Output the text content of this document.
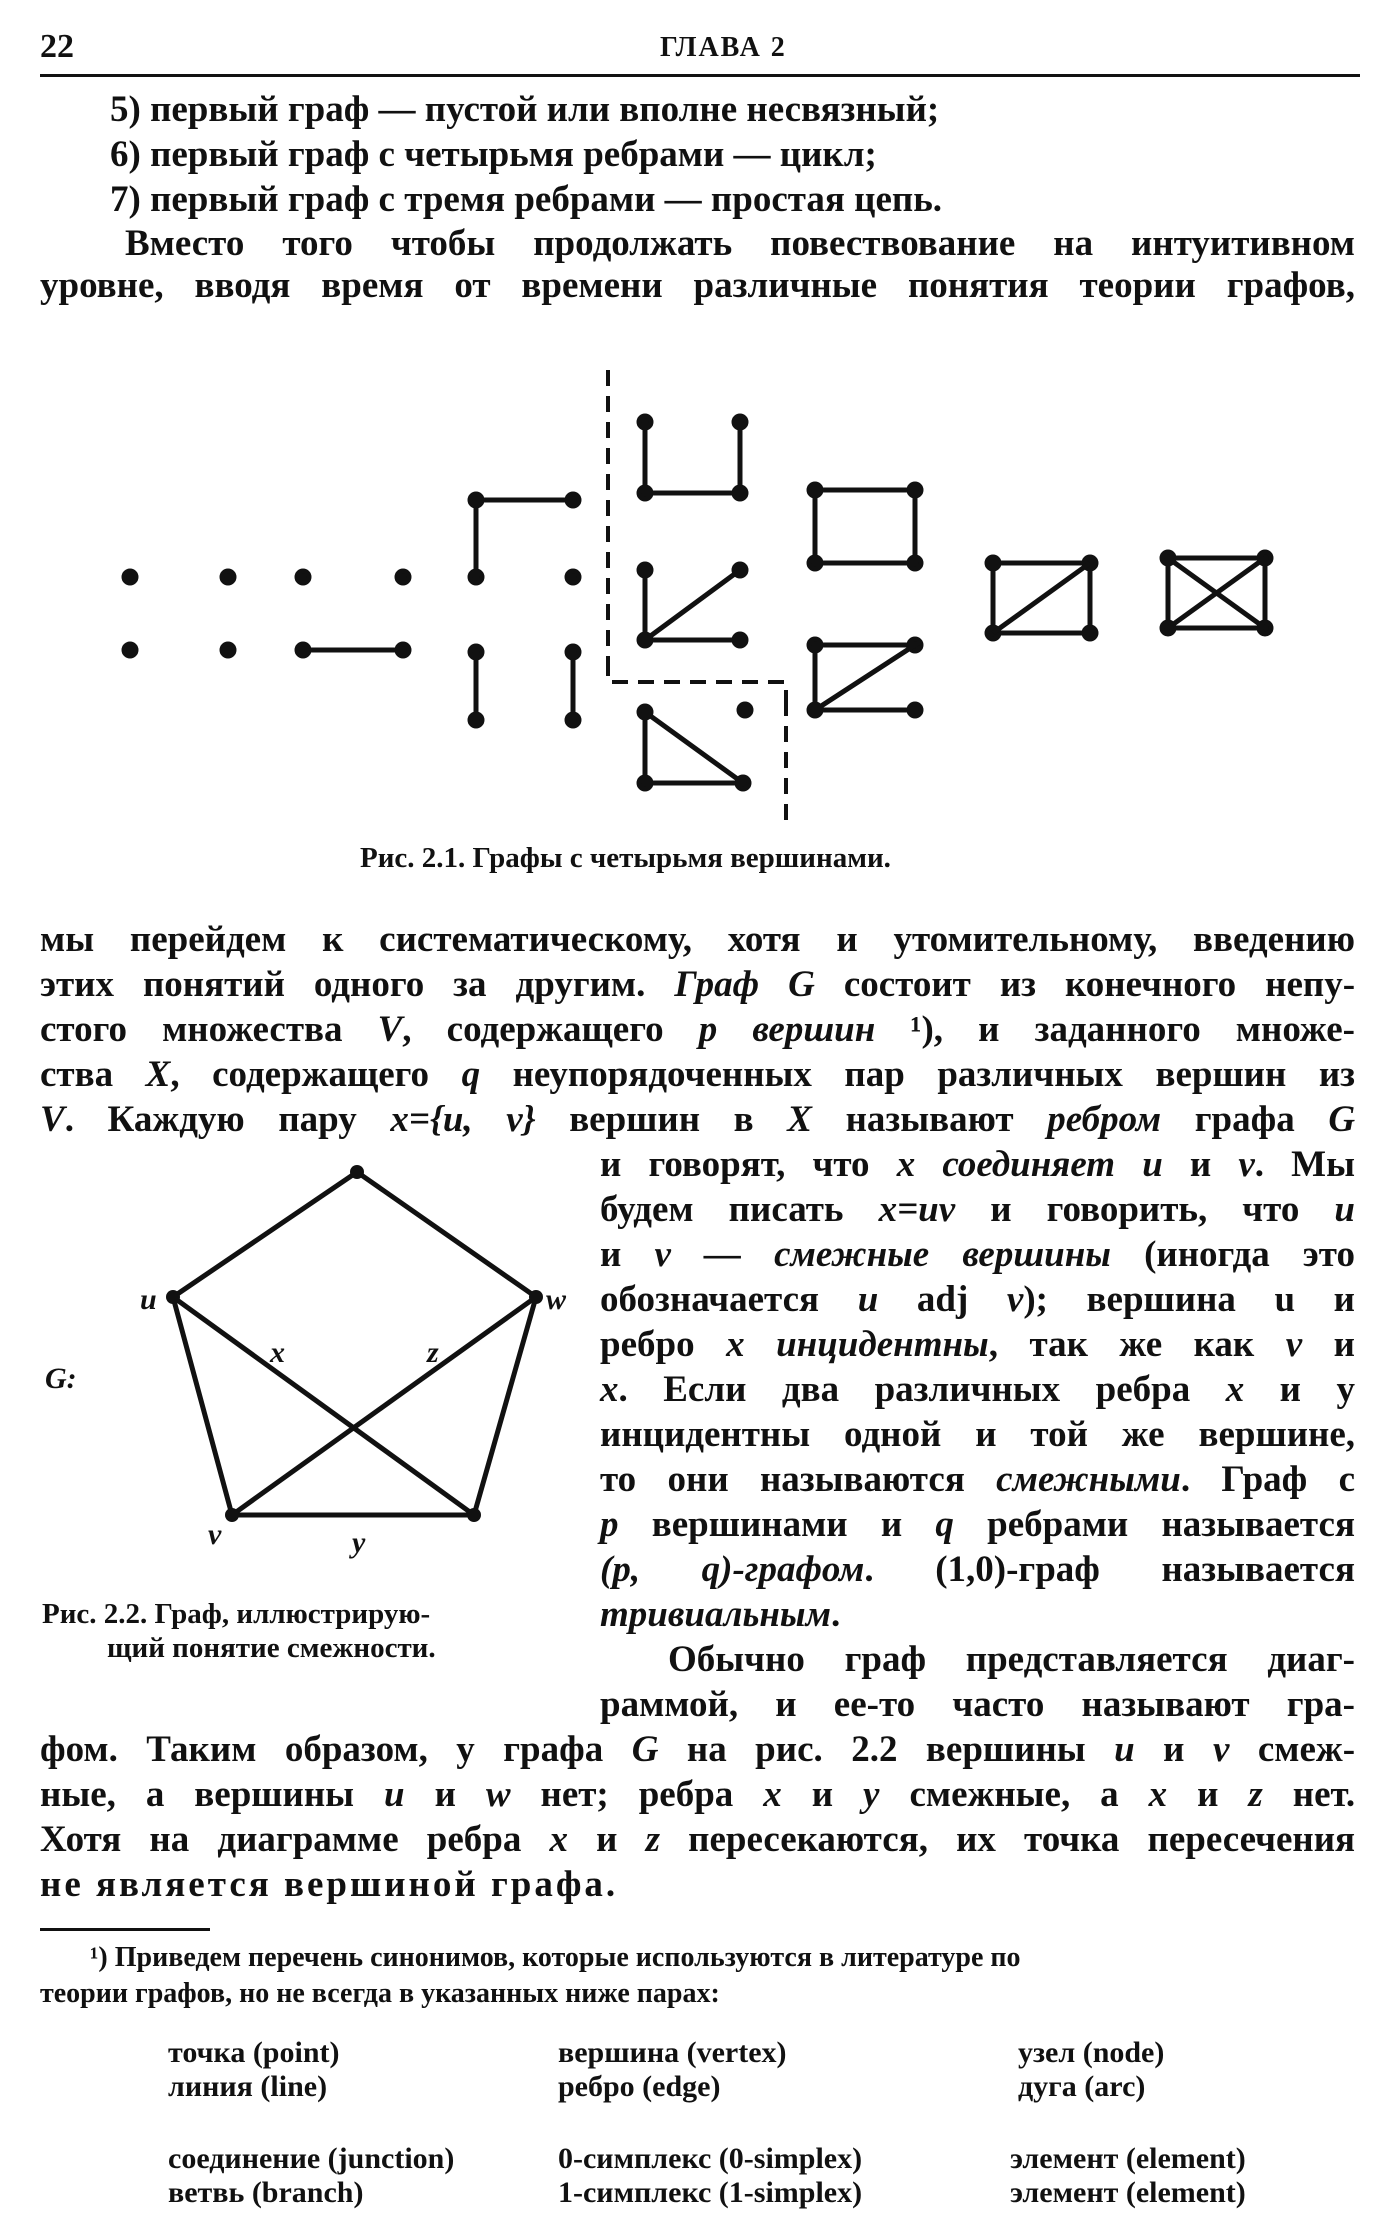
22	ГЛАВА 2
5) первый граф — пустой или вполне несвязный;
6) первый граф с четырьмя ребрами — цикл;
7) первый граф с тремя ребрами — простая цепь.
Вместо того чтобы продолжать повествование на интуитивном
уровне, вводя время от времени различные понятия теории графов,
Рис. 2.1. Графы с четырьмя вершинами.
мы перейдем к систематическому, хотя и утомительному, введению
этих понятий одного за другим. Граф G состоит из конечного непу-
стого множества V, содержащего p вершин ¹), и заданного множе-
ства X, содержащего q неупорядоченных пар различных вершин из
V. Каждую пару x={u, v} вершин в X называют ребром графа G
и говорят, что x соединяет u и v. Мы
будем писать x=uv и говорить, что u
и v — смежные вершины (иногда это
обозначается u adj v); вершина u и
ребро x инцидентны, так же как v и
x. Если два различных ребра x и y
инцидентны одной и той же вершине,
то они называются смежными. Граф с
p вершинами и q ребрами называется
(p, q)-графом. (1,0)-граф называется
тривиальным.
G:
u	w
v
x	z
y
Рис. 2.2. Граф, иллюстрирую-
щий понятие смежности.	Обычно граф представляется диаг-
раммой, и ее-то часто называют гра-
фом. Таким образом, у графа G на рис. 2.2 вершины u и v смеж-
ные, а вершины u и w нет; ребра x и y смежные, а x и z нет.
Хотя на диаграмме ребра x и z пересекаются, их точка пересечения
не является вершиной графа.
¹) Приведем перечень синонимов, которые используются в литературе по
теории графов, но не всегда в указанных ниже парах:
точка (point)	вершина (vertex)	узел (node)
линия (line)	ребро (edge)	дуга (arc)
соединение (junction)	0-симплекс (0-simplex)	элемент (element)
ветвь (branch)	1-симплекс (1-simplex)	элемент (element)
